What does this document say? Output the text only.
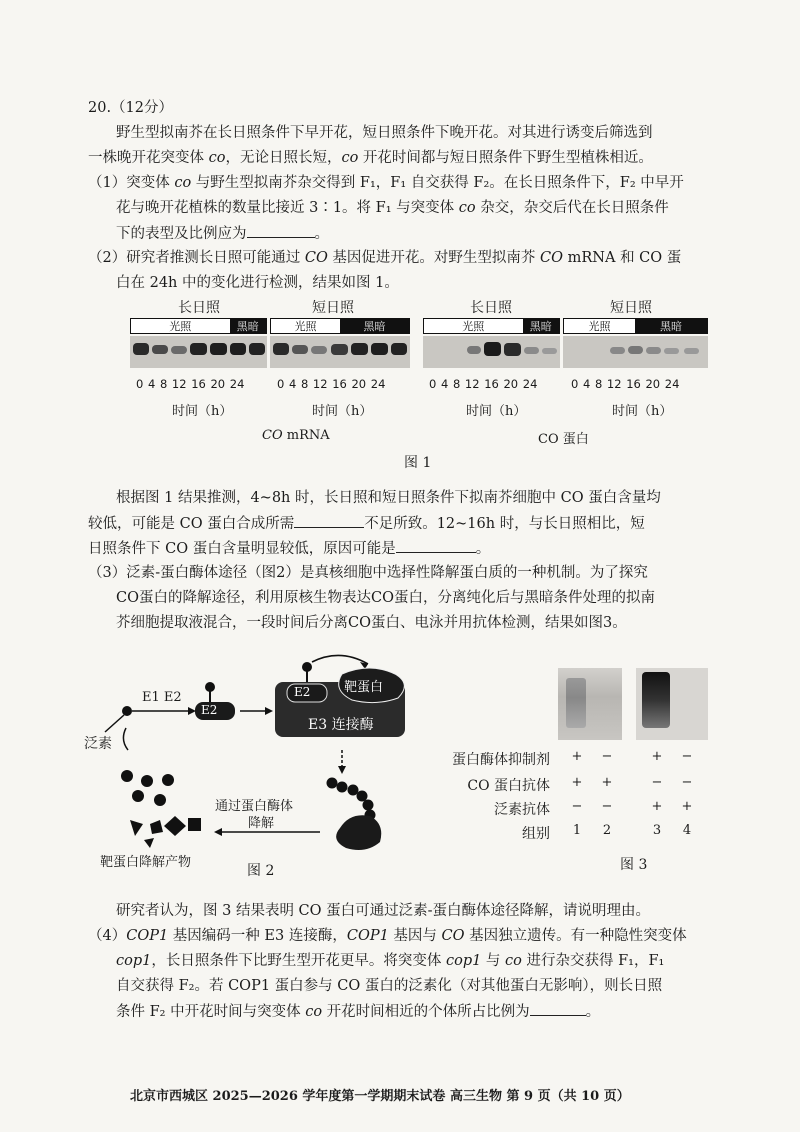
20.（12分）
野生型拟南芥在长日照条件下早开花，短日照条件下晚开花。对其进行诱变后筛选到
一株晚开花突变体 co，无论日照长短，co 开花时间都与短日照条件下野生型植株相近。
（1）突变体 co 与野生型拟南芥杂交得到 F₁，F₁ 自交获得 F₂。在长日照条件下，F₂ 中早开
花与晚开花植株的数量比接近 3∶1。将 F₁ 与突变体 co 杂交，杂交后代在长日照条件
下的表型及比例应为	。
（2）研究者推测长日照可能通过 CO 基因促进开花。对野生型拟南芥 CO mRNA 和 CO 蛋
白在 24h 中的变化进行检测，结果如图 1。
长日照	短日照	长日照	短日照
光照	黑暗	光照	黑暗	光照	黑暗	光照	黑暗
0 4 8 12 16 20 24	0 4 8 12 16 20 24	0 4 8 12 16 20 24	0 4 8 12 16 20 24
时间（h）	时间（h）	时间（h）	时间（h）
CO mRNA	CO 蛋白
图 1
根据图 1 结果推测，4~8h 时，长日照和短日照条件下拟南芥细胞中 CO 蛋白含量均
较低，可能是 CO 蛋白合成所需	不足所致。12~16h 时，与长日照相比，短
日照条件下 CO 蛋白含量明显较低，原因可能是	。
（3）泛素-蛋白酶体途径（图2）是真核细胞中选择性降解蛋白质的一种机制。为了探究
CO蛋白的降解途径，利用原核生物表达CO蛋白，分离纯化后与黑暗条件处理的拟南
芥细胞提取液混合，一段时间后分离CO蛋白、电泳并用抗体检测，结果如图3。
E1 E2
E2
E2	靶蛋白
E3 连接酶
泛素
通过蛋白酶体
降解
靶蛋白降解产物
图 2
蛋白酶体抑制剂 + −	+ −
CO 蛋白抗体 + +	− −
泛素抗体 − −	+ +
组别 1 2	3 4
图 3
研究者认为，图 3 结果表明 CO 蛋白可通过泛素-蛋白酶体途径降解，请说明理由。
（4）COP1 基因编码一种 E3 连接酶，COP1 基因与 CO 基因独立遗传。有一种隐性突变体
cop1，长日照条件下比野生型开花更早。将突变体 cop1 与 co 进行杂交获得 F₁，F₁
自交获得 F₂。若 COP1 蛋白参与 CO 蛋白的泛素化（对其他蛋白无影响），则长日照
条件 F₂ 中开花时间与突变体 co 开花时间相近的个体所占比例为	。
北京市西城区 2025—2026 学年度第一学期期末试卷 高三生物 第 9 页（共 10 页）
